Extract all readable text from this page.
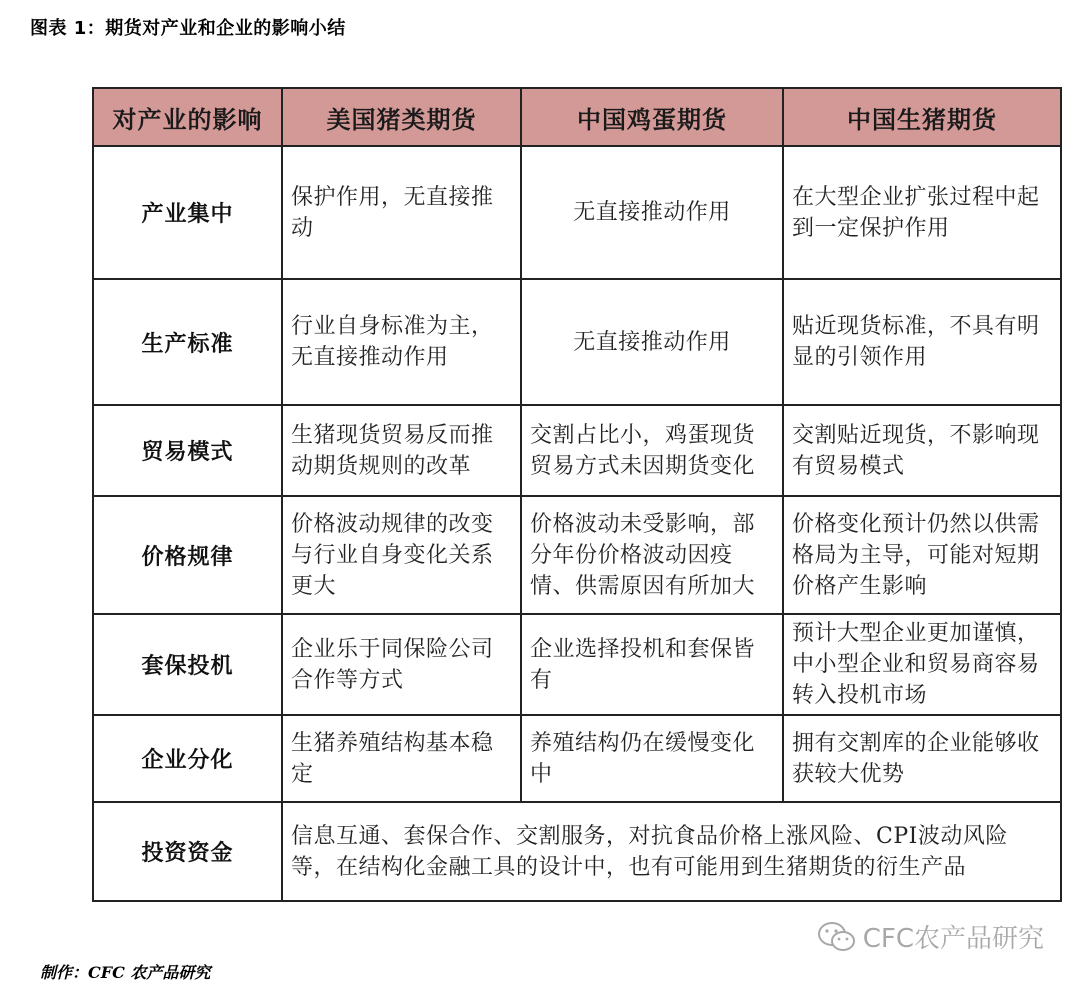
图表 1：期货对产业和企业的影响小结
对产业的影响	美国猪类期货	中国鸡蛋期货	中国生猪期货
产业集中	保护作用，无直接推动	无直接推动作用	在大型企业扩张过程中起到一定保护作用
生产标准	行业自身标准为主，无直接推动作用	无直接推动作用	贴近现货标准，不具有明显的引领作用
贸易模式	生猪现货贸易反而推动期货规则的改革	交割占比小，鸡蛋现货贸易方式未因期货变化	交割贴近现货，不影响现有贸易模式
价格规律	价格波动规律的改变与行业自身变化关系更大	价格波动未受影响，部分年份价格波动因疫情、供需原因有所加大	价格变化预计仍然以供需格局为主导，可能对短期价格产生影响
套保投机	企业乐于同保险公司合作等方式	企业选择投机和套保皆有	预计大型企业更加谨慎，中小型企业和贸易商容易转入投机市场
企业分化	生猪养殖结构基本稳定	养殖结构仍在缓慢变化中	拥有交割库的企业能够收获较大优势
投资资金	信息互通、套保合作、交割服务，对抗食品价格上涨风险、CPI波动风险等，在结构化金融工具的设计中，也有可能用到生猪期货的衍生产品		
CFC农产品研究
制作：CFC 农产品研究
